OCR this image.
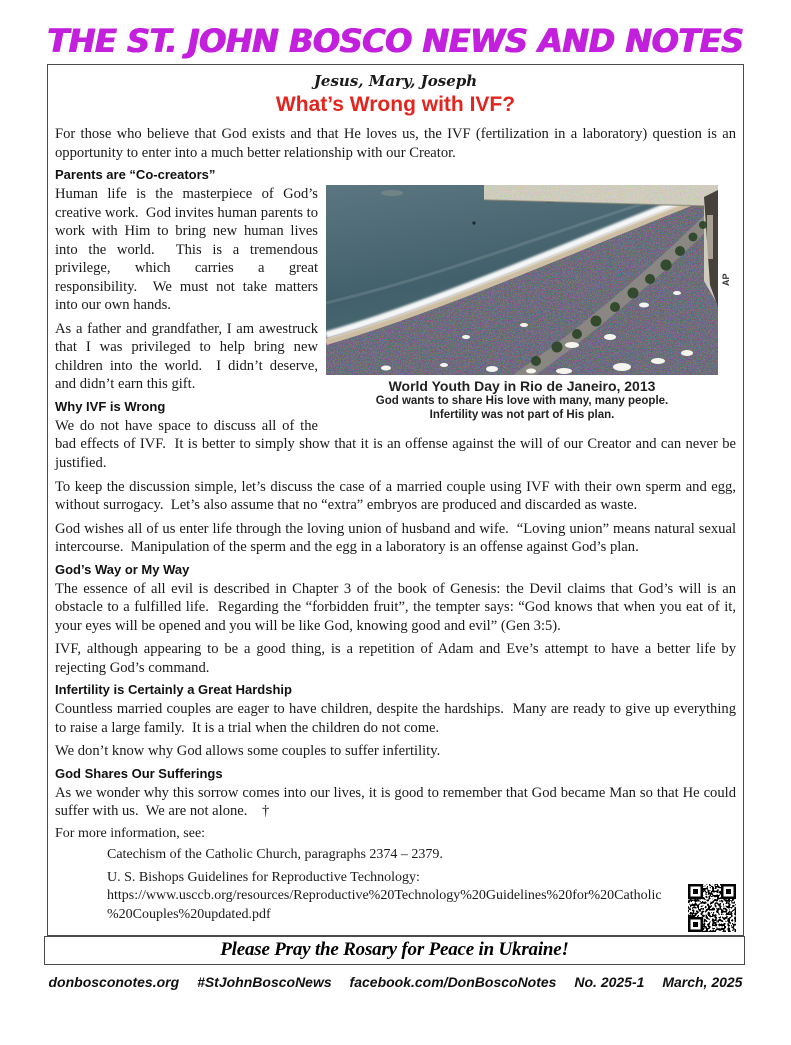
THE ST. JOHN BOSCO NEWS AND NOTES
Jesus, Mary, Joseph
What’s Wrong with IVF?

For those who believe that God exists and that He loves us, the IVF (fertilization in a laboratory) question is an opportunity to enter into a much better relationship with our Creator.

Parents are “Co-creators”
AP
World Youth Day in Rio de Janeiro, 2013
God wants to share His love with many, many people.
Infertility was not part of His plan.

Human life is the masterpiece of God’s creative work.  God invites human parents to work with Him to bring new human lives into the world.  This is a tremendous privilege, which carries a great responsibility.  We must not take matters into our own hands.

As a father and grandfather, I am awestruck that I was privileged to help bring new children into the world.  I didn’t deserve, and didn’t earn this gift.

Why IVF is Wrong

We do not have space to discuss all of the bad effects of IVF.  It is better to simply show that it is an offense against the will of our Creator and can never be justified.

To keep the discussion simple, let’s discuss the case of a married couple using IVF with their own sperm and egg, without surrogacy.  Let’s also assume that no “extra” embryos are produced and discarded as waste.

God wishes all of us enter life through the loving union of husband and wife.  “Loving union” means natural sexual intercourse.  Manipulation of the sperm and the egg in a laboratory is an offense against God’s plan.

God’s Way or My Way

The essence of all evil is described in Chapter 3 of the book of Genesis: the Devil claims that God’s will is an obstacle to a fulfilled life.  Regarding the “forbidden fruit”, the tempter says: “God knows that when you eat of it, your eyes will be opened and you will be like God, knowing good and evil” (Gen 3:5).

IVF, although appearing to be a good thing, is a repetition of Adam and Eve’s attempt to have a better life by rejecting God’s command.

Infertility is Certainly a Great Hardship

Countless married couples are eager to have children, despite the hardships.  Many are ready to give up everything to raise a large family.  It is a trial when the children do not come.

We don’t know why God allows some couples to suffer infertility.

God Shares Our Sufferings

As we wonder why this sorrow comes into our lives, it is good to remember that God became Man so that He could suffer with us.  We are not alone.    †

For more information, see:

Catechism of the Catholic Church, paragraphs 2374 – 2379.

U. S. Bishops Guidelines for Reproductive Technology: https://www.usccb.org/resources/Reproductive%20Technology%20Guidelines%20for%20Catholic%20Couples%20updated.pdf

Please Pray the Rosary for Peace in Ukraine!
donbosconotes.org #StJohnBoscoNews facebook.com/DonBoscoNotes No. 2025-1 March, 2025
